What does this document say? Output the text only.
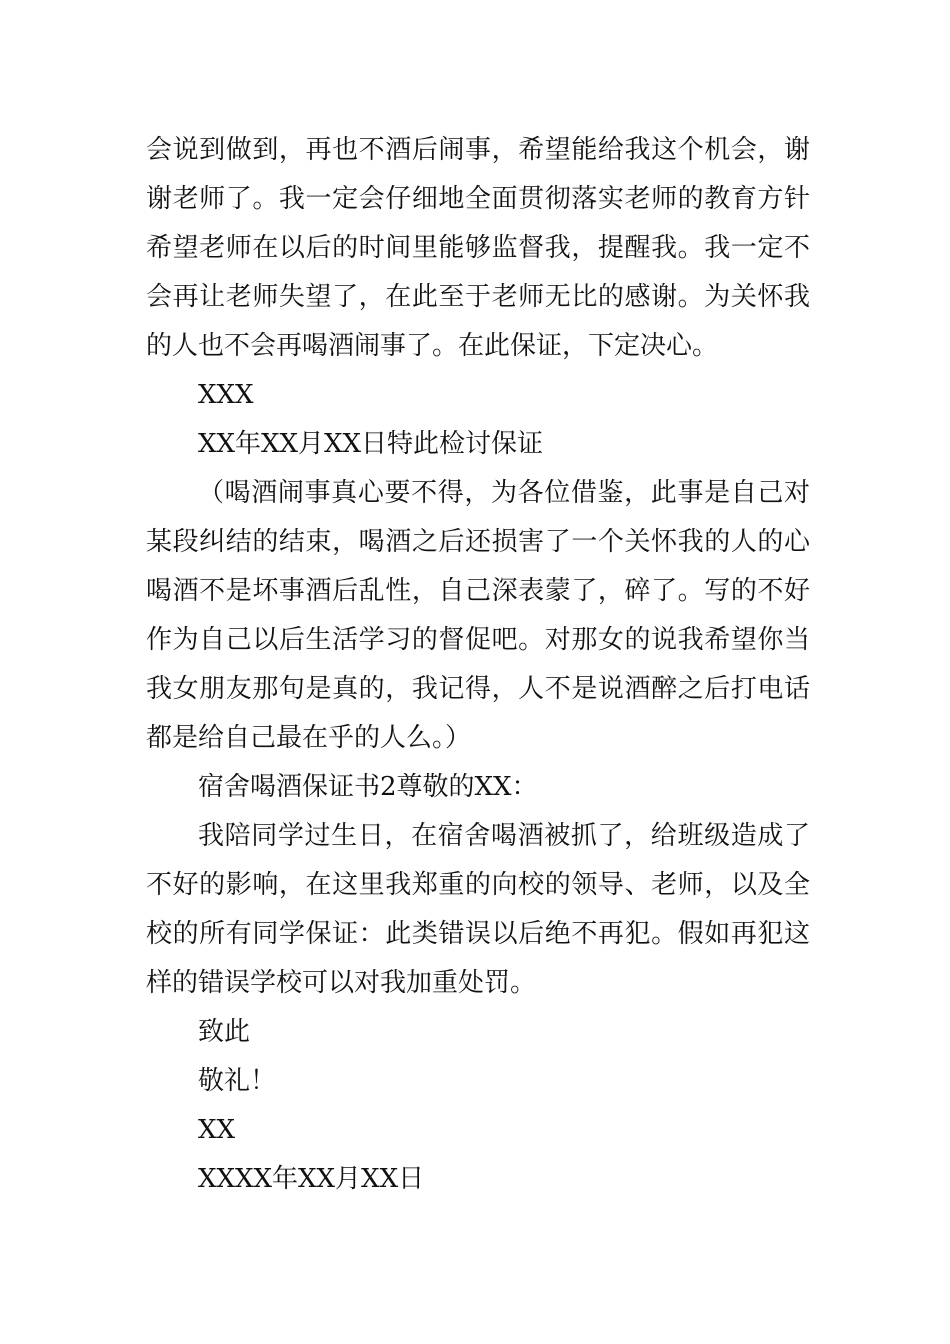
会说到做到，再也不酒后闹事，希望能给我这个机会，谢
谢老师了。我一定会仔细地全面贯彻落实老师的教育方针
希望老师在以后的时间里能够监督我，提醒我。我一定不
会再让老师失望了，在此至于老师无比的感谢。为关怀我
的人也不会再喝酒闹事了。在此保证，下定决心。
XXX
XX年XX月XX日特此检讨保证
（喝酒闹事真心要不得，为各位借鉴，此事是自己对
某段纠结的结束，喝酒之后还损害了一个关怀我的人的心
喝酒不是坏事酒后乱性，自己深表蒙了，碎了。写的不好
作为自己以后生活学习的督促吧。对那女的说我希望你当
我女朋友那句是真的，我记得，人不是说酒醉之后打电话
都是给自己最在乎的人么。）
宿舍喝酒保证书2尊敬的XX：
我陪同学过生日，在宿舍喝酒被抓了，给班级造成了
不好的影响，在这里我郑重的向校的领导、老师，以及全
校的所有同学保证：此类错误以后绝不再犯。假如再犯这
样的错误学校可以对我加重处罚。
致此
敬礼！
XX
XXXX年XX月XX日
